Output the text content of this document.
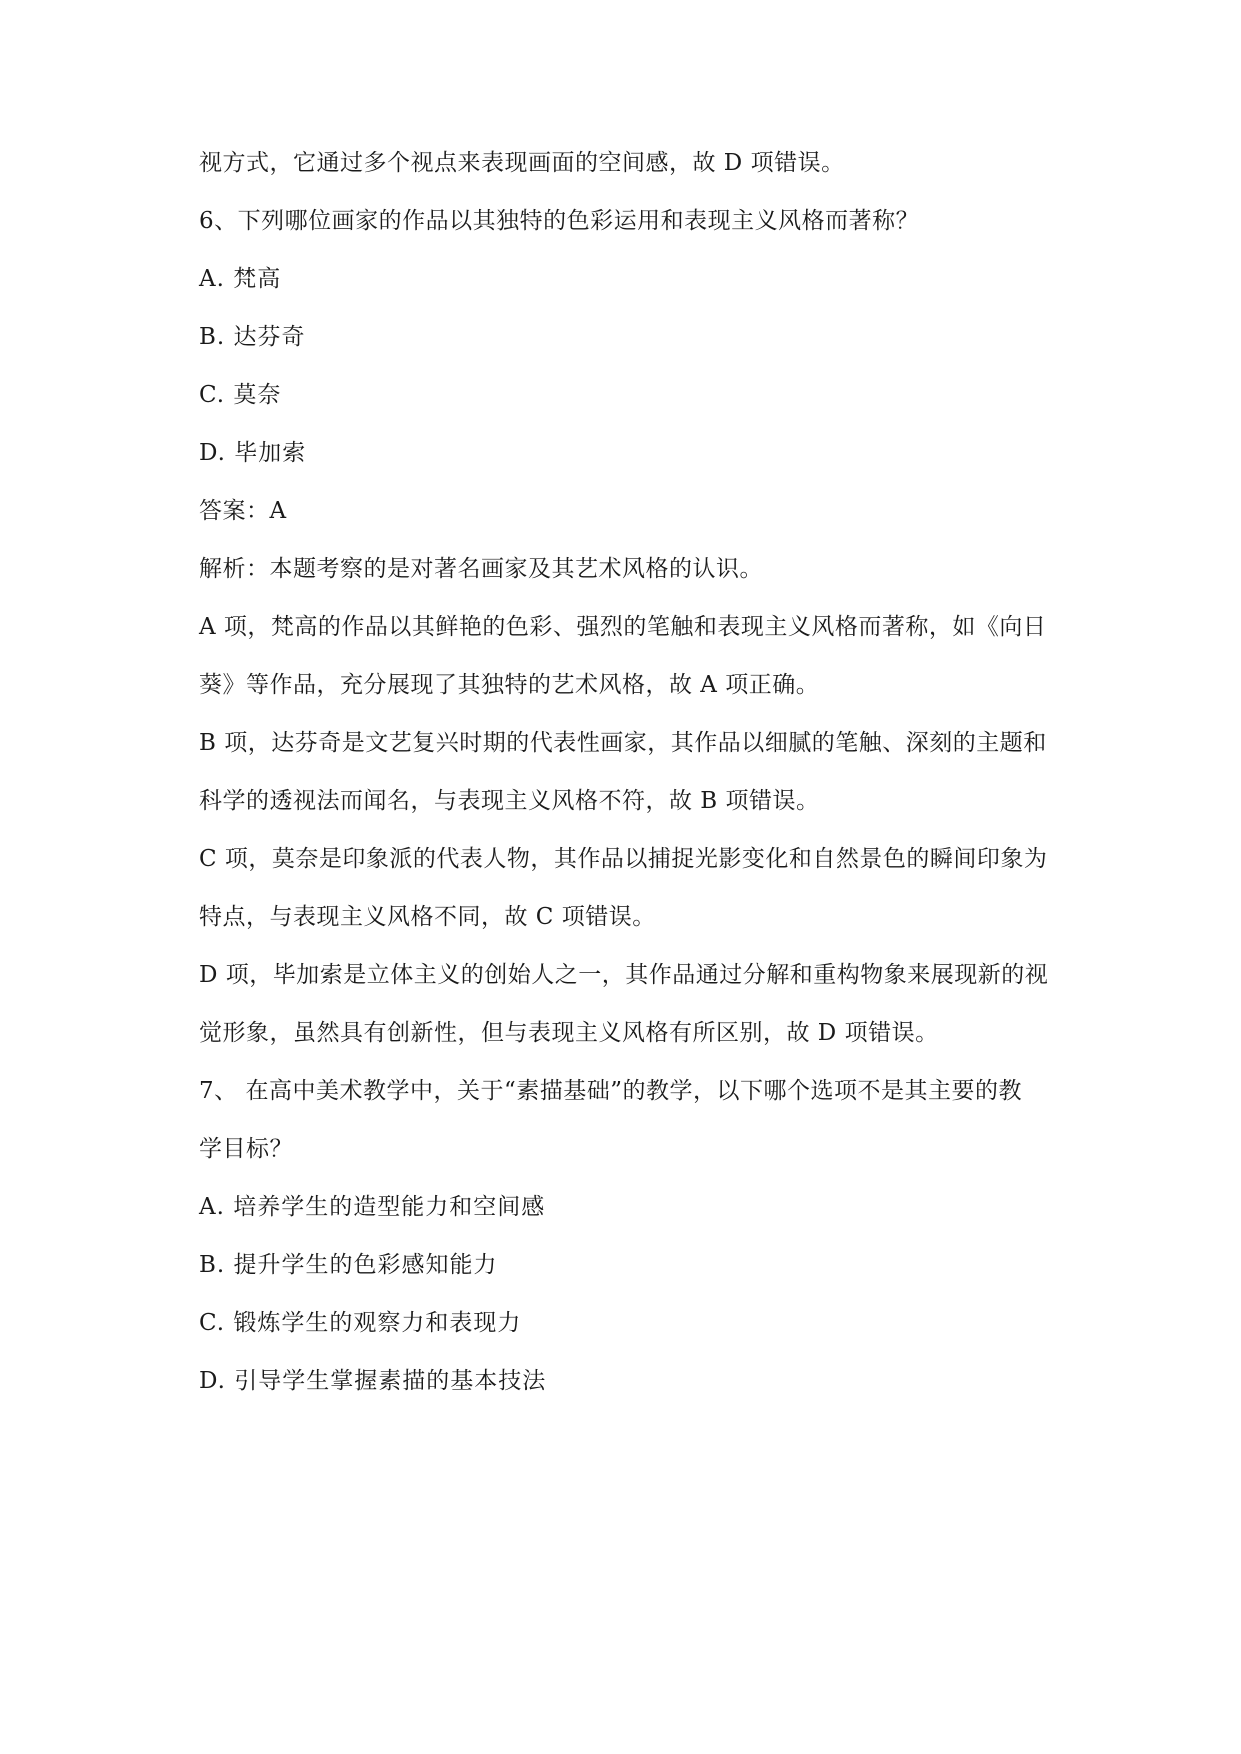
视方式，它通过多个视点来表现画面的空间感，故 D 项错误。
6、下列哪位画家的作品以其独特的色彩运用和表现主义风格而著称？
A. 梵高
B. 达芬奇
C. 莫奈
D. 毕加索
答案：A
解析：本题考察的是对著名画家及其艺术风格的认识。
A 项，梵高的作品以其鲜艳的色彩、强烈的笔触和表现主义风格而著称，如《向日
葵》等作品，充分展现了其独特的艺术风格，故 A 项正确。
B 项，达芬奇是文艺复兴时期的代表性画家，其作品以细腻的笔触、深刻的主题和
科学的透视法而闻名，与表现主义风格不符，故 B 项错误。
C 项，莫奈是印象派的代表人物，其作品以捕捉光影变化和自然景色的瞬间印象为
特点，与表现主义风格不同，故 C 项错误。
D 项，毕加索是立体主义的创始人之一，其作品通过分解和重构物象来展现新的视
觉形象，虽然具有创新性，但与表现主义风格有所区别，故 D 项错误。
7、 在高中美术教学中，关于“素描基础”的教学，以下哪个选项不是其主要的教
学目标？
A. 培养学生的造型能力和空间感
B. 提升学生的色彩感知能力
C. 锻炼学生的观察力和表现力
D. 引导学生掌握素描的基本技法
